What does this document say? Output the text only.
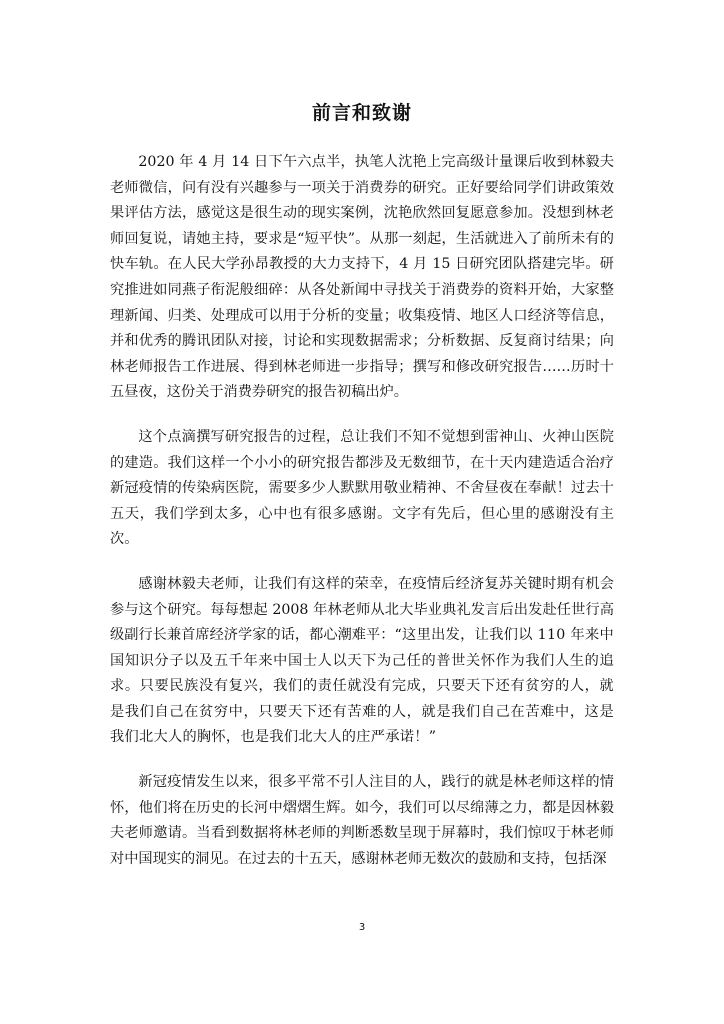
前言和致谢

2020 年 4 月 14 日下午六点半，执笔人沈艳上完高级计量课后收到林毅夫老师微信，问有没有兴趣参与一项关于消费券的研究。正好要给同学们讲政策效果评估方法，感觉这是很生动的现实案例，沈艳欣然回复愿意参加。没想到林老师回复说，请她主持，要求是“短平快”。从那一刻起，生活就进入了前所未有的快车轨。在人民大学孙昂教授的大力支持下，4 月 15 日研究团队搭建完毕。研究推进如同燕子衔泥般细碎：从各处新闻中寻找关于消费券的资料开始，大家整理新闻、归类、处理成可以用于分析的变量；收集疫情、地区人口经济等信息，并和优秀的腾讯团队对接，讨论和实现数据需求；分析数据、反复商讨结果；向林老师报告工作进展、得到林老师进一步指导；撰写和修改研究报告……历时十五昼夜，这份关于消费券研究的报告初稿出炉。

这个点滴撰写研究报告的过程，总让我们不知不觉想到雷神山、火神山医院的建造。我们这样一个小小的研究报告都涉及无数细节，在十天内建造适合治疗新冠疫情的传染病医院，需要多少人默默用敬业精神、不舍昼夜在奉献！过去十五天，我们学到太多，心中也有很多感谢。文字有先后，但心里的感谢没有主次。

感谢林毅夫老师，让我们有这样的荣幸，在疫情后经济复苏关键时期有机会参与这个研究。每每想起 2008 年林老师从北大毕业典礼发言后出发赴任世行高级副行长兼首席经济学家的话，都心潮难平：“这里出发，让我们以 110 年来中国知识分子以及五千年来中国士人以天下为己任的普世关怀作为我们人生的追求。只要民族没有复兴，我们的责任就没有完成，只要天下还有贫穷的人，就是我们自己在贫穷中，只要天下还有苦难的人，就是我们自己在苦难中，这是我们北大人的胸怀，也是我们北大人的庄严承诺！”

新冠疫情发生以来，很多平常不引人注目的人，践行的就是林老师这样的情怀，他们将在历史的长河中熠熠生辉。如今，我们可以尽绵薄之力，都是因林毅夫老师邀请。当看到数据将林老师的判断悉数呈现于屏幕时，我们惊叹于林老师对中国现实的洞见。在过去的十五天，感谢林老师无数次的鼓励和支持，包括深

3
